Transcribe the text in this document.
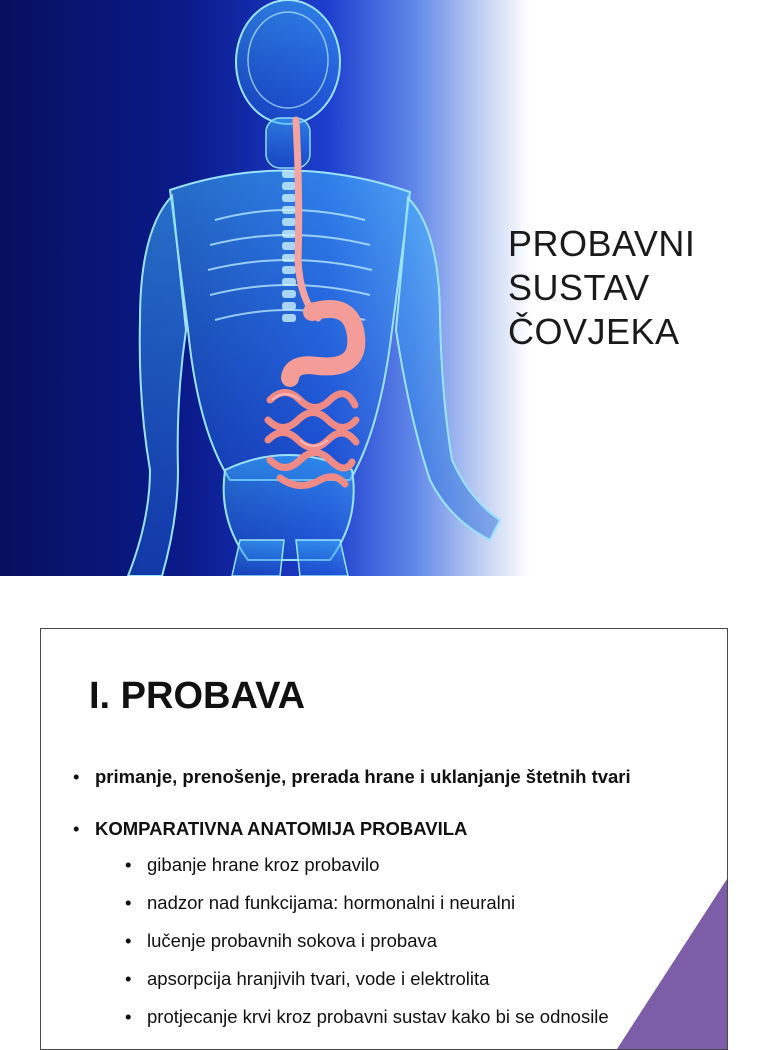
PROBAVNI
SUSTAV
ČOVJEKA
I. PROBAVA
• primanje, prenošenje, prerada hrane i uklanjanje štetnih tvari
• KOMPARATIVNA ANATOMIJA PROBAVILA
• gibanje hrane kroz probavilo
• nadzor nad funkcijama: hormonalni i neuralni
• lučenje probavnih sokova i probava
• apsorpcija hranjivih tvari, vode i elektrolita
• protjecanje krvi kroz probavni sustav kako bi se odnosile
